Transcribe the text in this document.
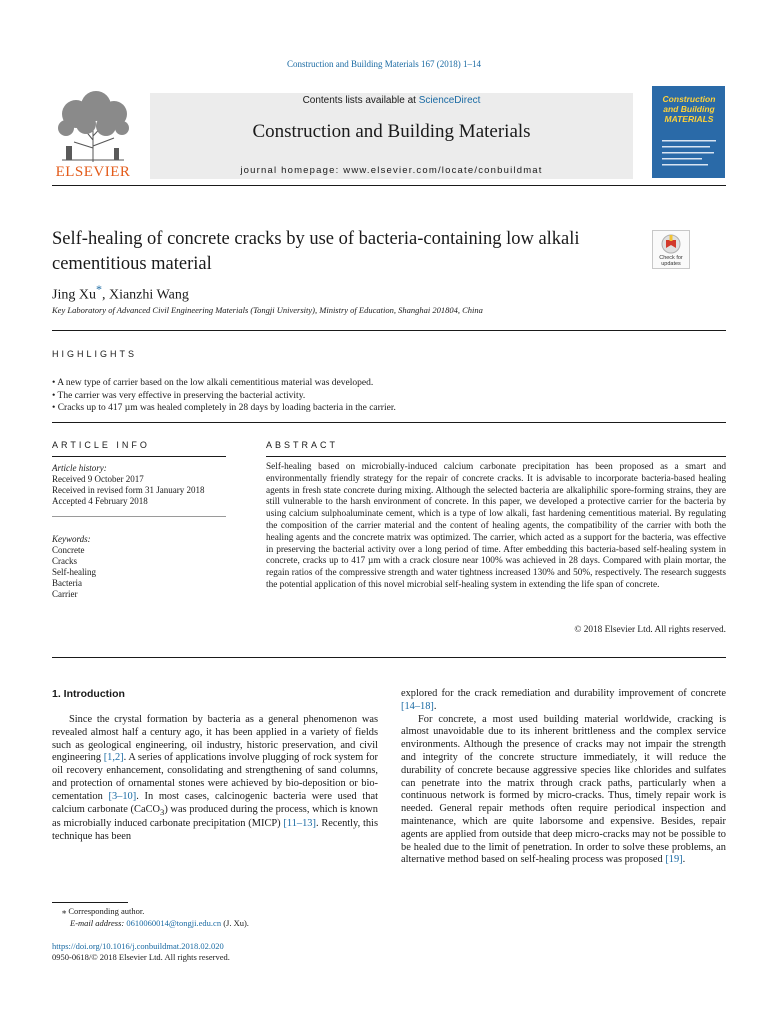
Construction and Building Materials 167 (2018) 1–14
ELSEVIER
Contents lists available at ScienceDirect
Construction and Building Materials
journal homepage: www.elsevier.com/locate/conbuildmat
Construction and Building MATERIALS
Self-healing of concrete cracks by use of bacteria-containing low alkali cementitious material	Check for updates
Jing Xu*, Xianzhi Wang
Key Laboratory of Advanced Civil Engineering Materials (Tongji University), Ministry of Education, Shanghai 201804, China
HIGHLIGHTS
• A new type of carrier based on the low alkali cementitious material was developed.
• The carrier was very effective in preserving the bacterial activity.
• Cracks up to 417 µm was healed completely in 28 days by loading bacteria in the carrier.
ARTICLE INFO
Article history:
Received 9 October 2017
Received in revised form 31 January 2018
Accepted 4 February 2018
Keywords:
Concrete
Cracks
Self-healing
Bacteria
Carrier
ABSTRACT
Self-healing based on microbially-induced calcium carbonate precipitation has been proposed as a smart and environmentally friendly strategy for the repair of concrete cracks. It is advisable to incorporate bacteria-based healing agents in fresh state concrete during mixing. Although the selected bacteria are alkaliphilic spore-forming strains, they are still vulnerable to the harsh environment of concrete. In this paper, we developed a protective carrier for the bacteria by using calcium sulphoaluminate cement, which is a type of low alkali, fast hardening cementitious material. By regulating the composition of the carrier material and the content of healing agents, the compatibility of the carrier with both the healing agents and the concrete matrix was optimized. The carrier, which acted as a support for the bacteria, was effective in preserving the bacterial activity over a long period of time. After embedding this bacteria-based self-healing system in concrete, cracks up to 417 µm with a crack closure near 100% was achieved in 28 days. Compared with plain mortar, the regain ratios of the compressive strength and water tightness increased 130% and 50%, respectively. The research suggests the potential application of this novel microbial self-healing system in extending the life span of concrete.
© 2018 Elsevier Ltd. All rights reserved.
1. Introduction

Since the crystal formation by bacteria as a general phenomenon was revealed almost half a century ago, it has been applied in a variety of fields such as geological engineering, oil industry, historic preservation, and civil engineering [1,2]. A series of applications involve plugging of rock system for oil recovery enhancement, consolidating and strengthening of sand columns, and protection of ornamental stones were achieved by bio-deposition or bio-cementation [3–10]. In most cases, calcinogenic bacteria were used that calcium carbonate (CaCO$_3$) was produced during the process, which is known as microbially induced carbonate precipitation (MICP) [11–13]. Recently, this technique has been

explored for the crack remediation and durability improvement of concrete [14–18].

For concrete, a most used building material worldwide, cracking is almost unavoidable due to its inherent brittleness and the complex service environments. Although the presence of cracks may not impair the strength and integrity of the concrete structure immediately, it will reduce the durability of concrete because aggressive species like chlorides and sulfates can penetrate into the matrix through crack paths, particularly when a continuous network is formed by micro-cracks. Thus, timely repair work is needed. General repair methods often require periodical inspection and maintenance, which are quite laborsome and expensive. Besides, repair agents are applied from outside that deep micro-cracks may not be possible to be healed due to the limit of penetration. In order to solve these problems, an alternative method based on self-healing process was proposed [19].

⁎ Corresponding author.
E-mail address: 0610060014@tongji.edu.cn (J. Xu).
https://doi.org/10.1016/j.conbuildmat.2018.02.020
0950-0618/© 2018 Elsevier Ltd. All rights reserved.
